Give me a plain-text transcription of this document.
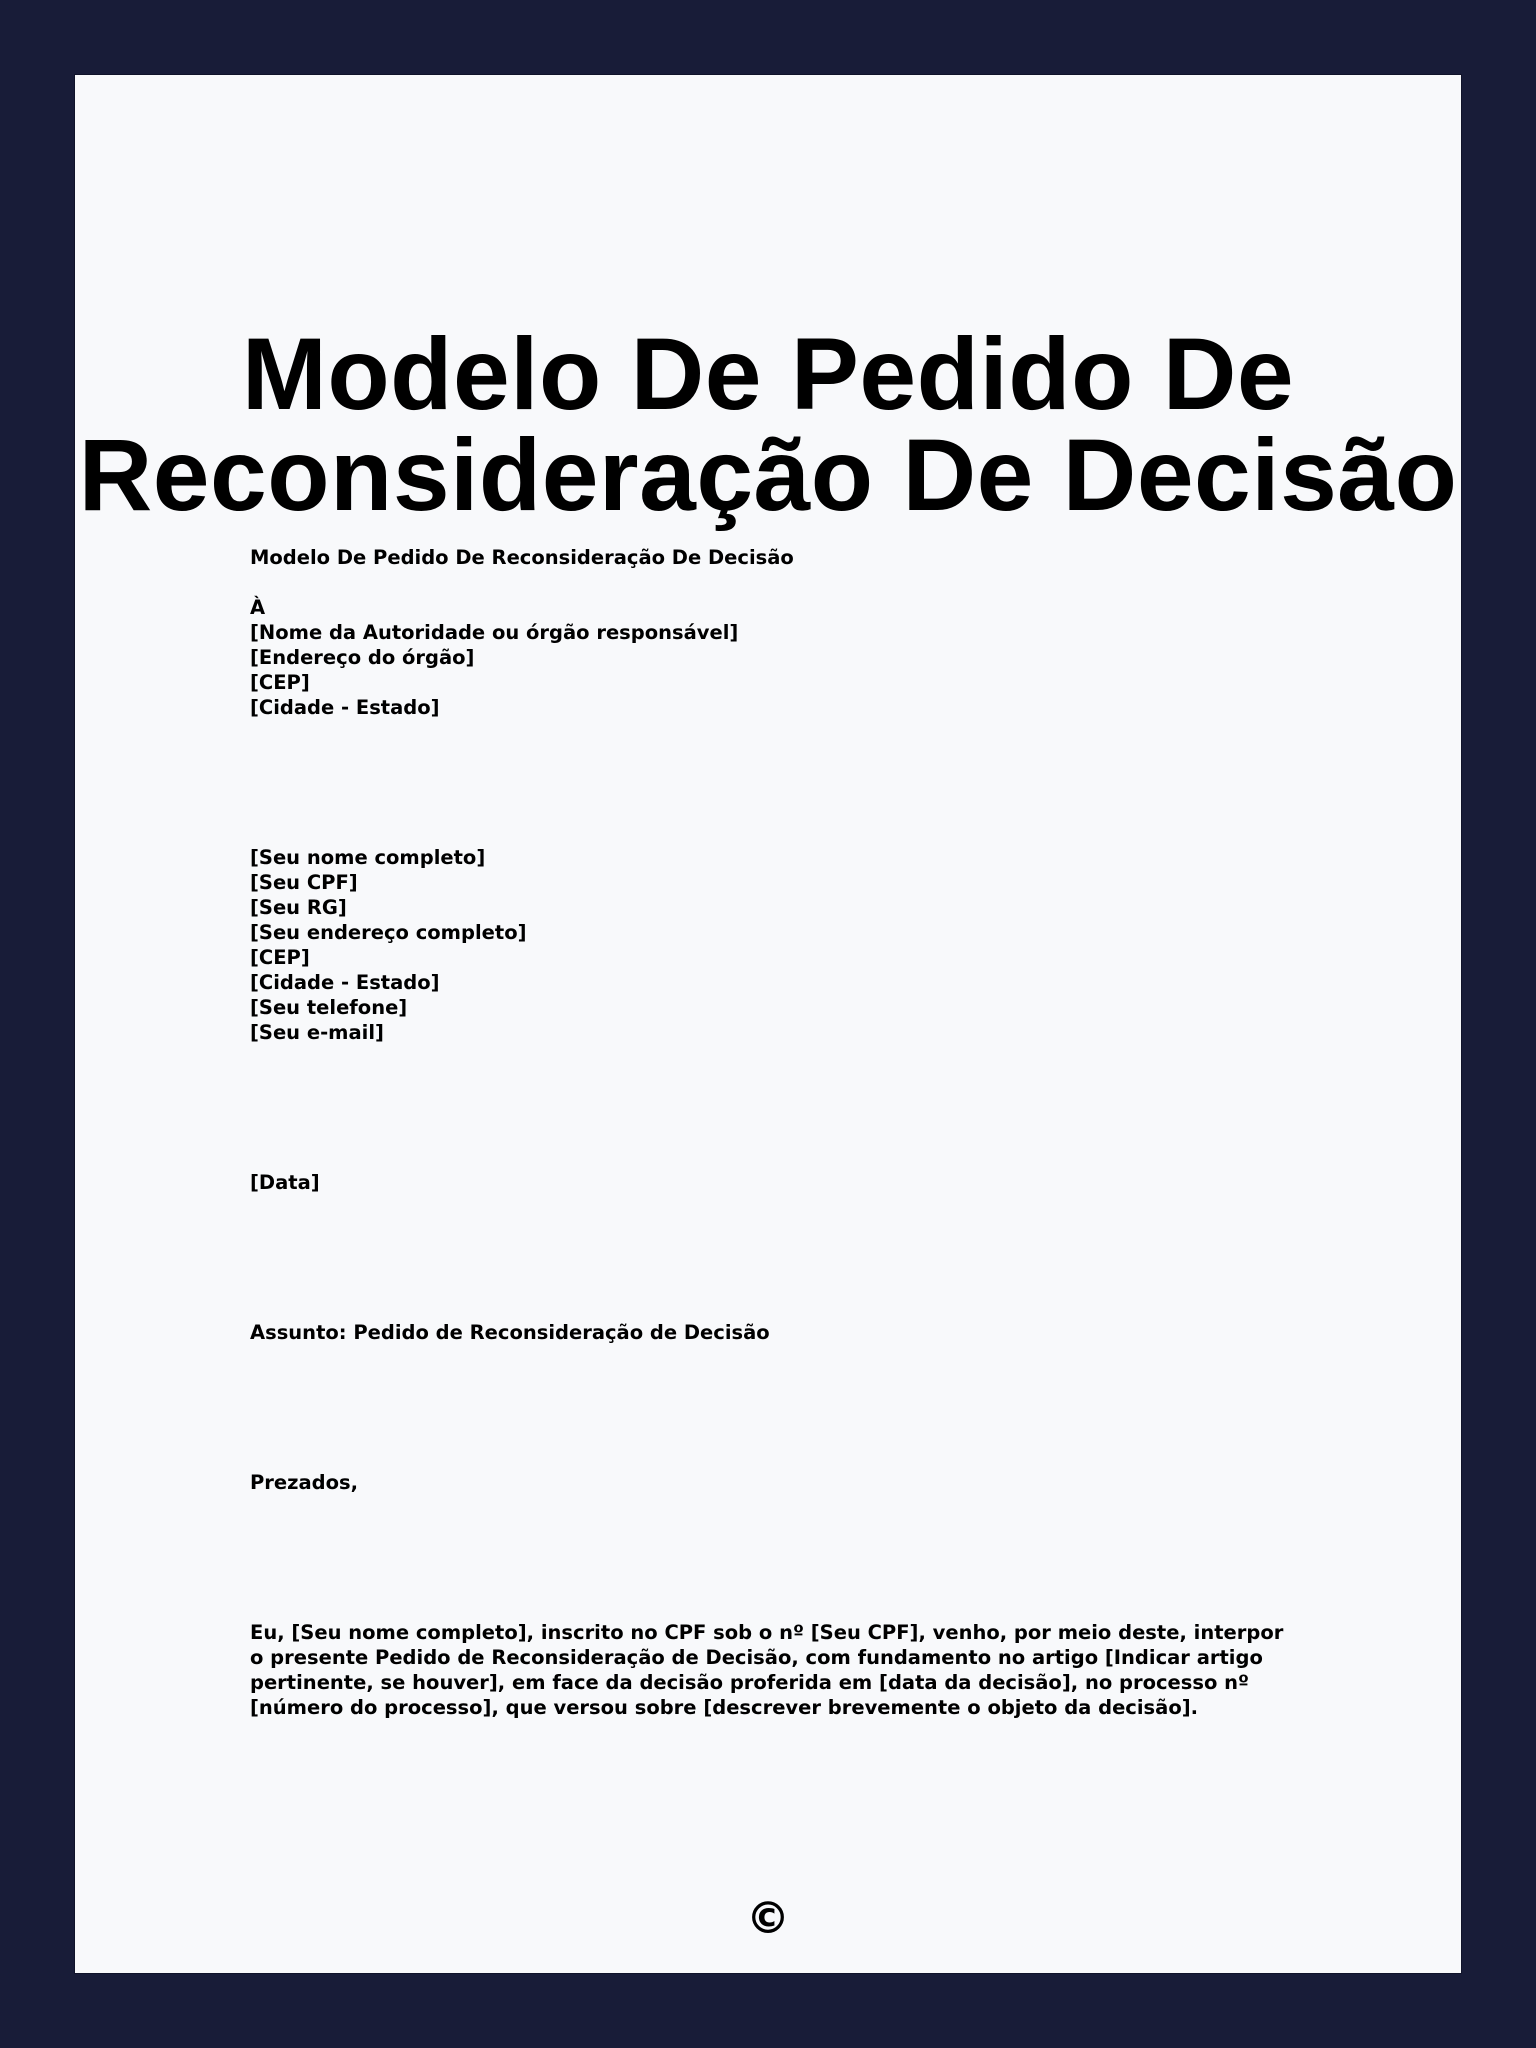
Modelo De Pedido De
Reconsideração De Decisão
Modelo De Pedido De Reconsideração De Decisão
À
[Nome da Autoridade ou órgão responsável]
[Endereço do órgão]
[CEP]
[Cidade - Estado]
[Seu nome completo]
[Seu CPF]
[Seu RG]
[Seu endereço completo]
[CEP]
[Cidade - Estado]
[Seu telefone]
[Seu e-mail]
[Data]
Assunto: Pedido de Reconsideração de Decisão
Prezados,
Eu, [Seu nome completo], inscrito no CPF sob o nº [Seu CPF], venho, por meio deste, interpor o presente Pedido de Reconsideração de Decisão, com fundamento no artigo [Indicar artigo pertinente, se houver], em face da decisão proferida em [data da decisão], no processo nº [número do processo], que versou sobre [descrever brevemente o objeto da decisão].
©
